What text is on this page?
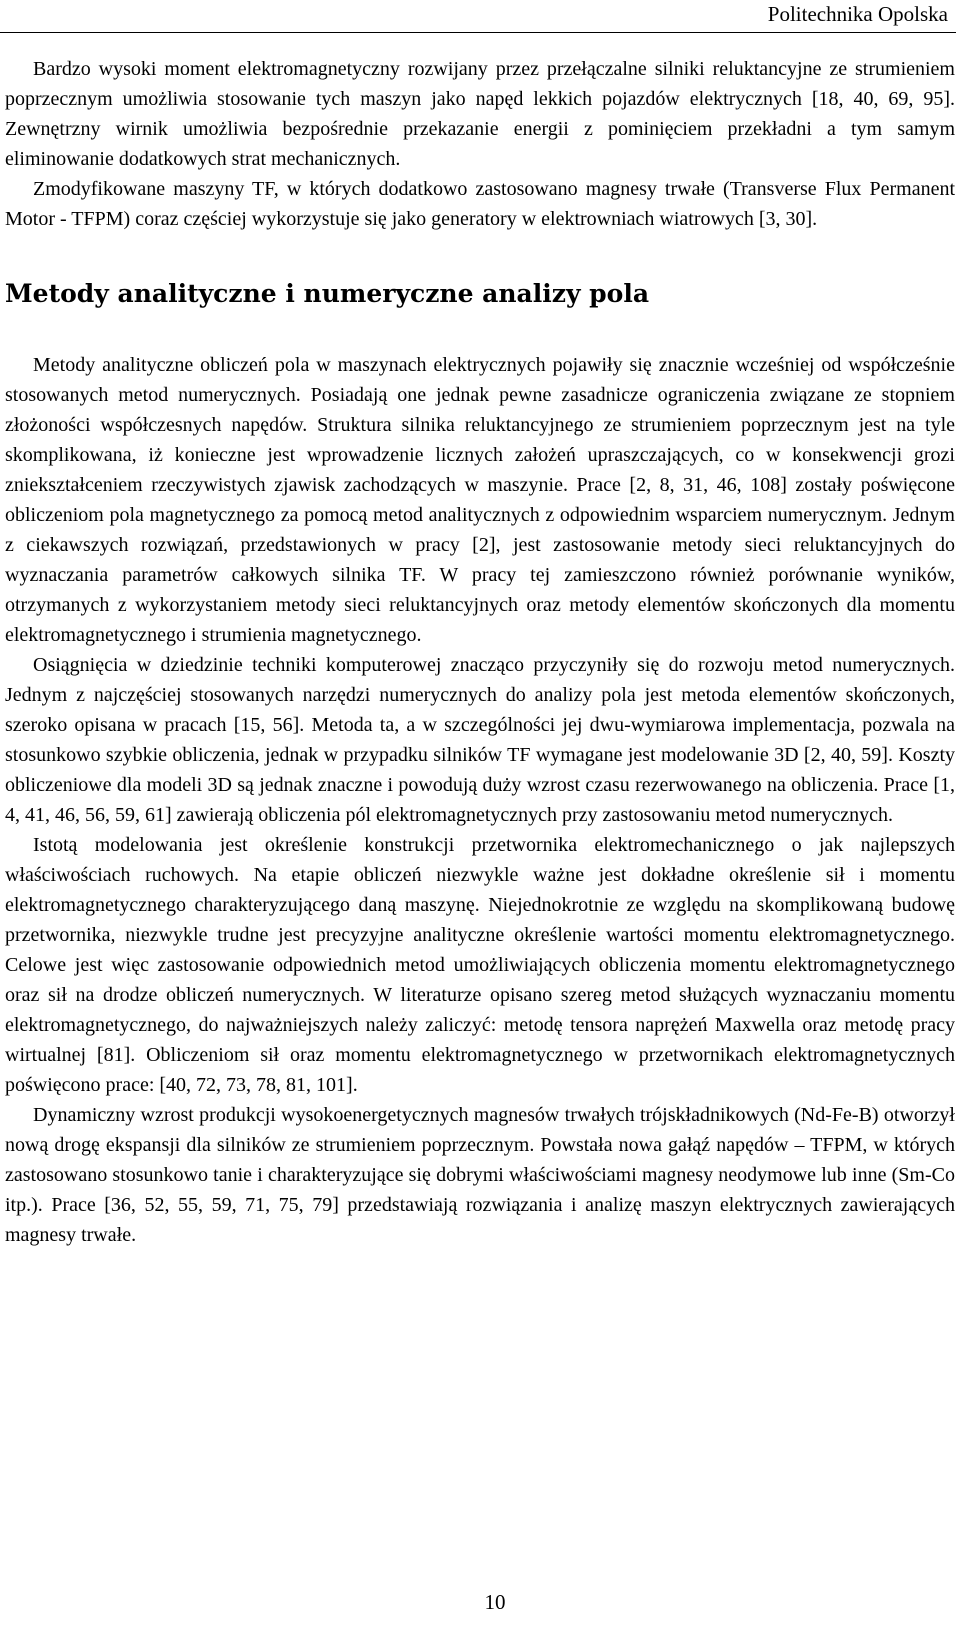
Politechnika Opolska

Bardzo wysoki moment elektromagnetyczny rozwijany przez przełączalne silniki reluktancyjne ze strumieniem poprzecznym umożliwia stosowanie tych maszyn jako napęd lekkich pojazdów elektrycznych [18, 40, 69, 95]. Zewnętrzny wirnik umożliwia bezpośrednie przekazanie energii z pominięciem przekładni a tym samym eliminowanie dodatkowych strat mechanicznych.

Zmodyfikowane maszyny TF, w których dodatkowo zastosowano magnesy trwałe (Transverse Flux Permanent Motor - TFPM) coraz częściej wykorzystuje się jako generatory w elektrowniach wiatrowych [3, 30].

Metody analityczne i numeryczne analizy pola

Metody analityczne obliczeń pola w maszynach elektrycznych pojawiły się znacznie wcześniej od współcześnie stosowanych metod numerycznych. Posiadają one jednak pewne zasadnicze ograniczenia związane ze stopniem złożoności współczesnych napędów. Struktura silnika reluktancyjnego ze strumieniem poprzecznym jest na tyle skomplikowana, iż konieczne jest wprowadzenie licznych założeń upraszczających, co w konsekwencji grozi zniekształceniem rzeczywistych zjawisk zachodzących w maszynie. Prace [2, 8, 31, 46, 108] zostały poświęcone obliczeniom pola magnetycznego za pomocą metod analitycznych z odpowiednim wsparciem numerycznym. Jednym z ciekawszych rozwiązań, przedstawionych w pracy [2], jest zastosowanie metody sieci reluktancyjnych do wyznaczania parametrów całkowych silnika TF. W pracy tej zamieszczono również porównanie wyników, otrzymanych z wykorzystaniem metody sieci reluktancyjnych oraz metody elementów skończonych dla momentu elektromagnetycznego i strumienia magnetycznego.

Osiągnięcia w dziedzinie techniki komputerowej znacząco przyczyniły się do rozwoju metod numerycznych. Jednym z najczęściej stosowanych narzędzi numerycznych do analizy pola jest metoda elementów skończonych, szeroko opisana w pracach [15, 56]. Metoda ta, a w szczególności jej dwu-wymiarowa implementacja, pozwala na stosunkowo szybkie obliczenia, jednak w przypadku silników TF wymagane jest modelowanie 3D [2, 40, 59]. Koszty obliczeniowe dla modeli 3D są jednak znaczne i powodują duży wzrost czasu rezerwowanego na obliczenia. Prace [1, 4, 41, 46, 56, 59, 61] zawierają obliczenia pól elektromagnetycznych przy zastosowaniu metod numerycznych.

Istotą modelowania jest określenie konstrukcji przetwornika elektromechanicznego o jak najlepszych właściwościach ruchowych. Na etapie obliczeń niezwykle ważne jest dokładne określenie sił i momentu elektromagnetycznego charakteryzującego daną maszynę. Niejednokrotnie ze względu na skomplikowaną budowę przetwornika, niezwykle trudne jest precyzyjne analityczne określenie wartości momentu elektromagnetycznego. Celowe jest więc zastosowanie odpowiednich metod umożliwiających obliczenia momentu elektromagnetycznego oraz sił na drodze obliczeń numerycznych. W literaturze opisano szereg metod służących wyznaczaniu momentu elektromagnetycznego, do najważniejszych należy zaliczyć: metodę tensora naprężeń Maxwella oraz metodę pracy wirtualnej [81]. Obliczeniom sił oraz momentu elektromagnetycznego w przetwornikach elektromagnetycznych poświęcono prace: [40, 72, 73, 78, 81, 101].

Dynamiczny wzrost produkcji wysokoenergetycznych magnesów trwałych trójskładnikowych (Nd-Fe-B) otworzył nową drogę ekspansji dla silników ze strumieniem poprzecznym. Powstała nowa gałąź napędów – TFPM, w których zastosowano stosunkowo tanie i charakteryzujące się dobrymi właściwościami magnesy neodymowe lub inne (Sm-Co itp.). Prace [36, 52, 55, 59, 71, 75, 79] przedstawiają rozwiązania i analizę maszyn elektrycznych zawierających magnesy trwałe.

10
